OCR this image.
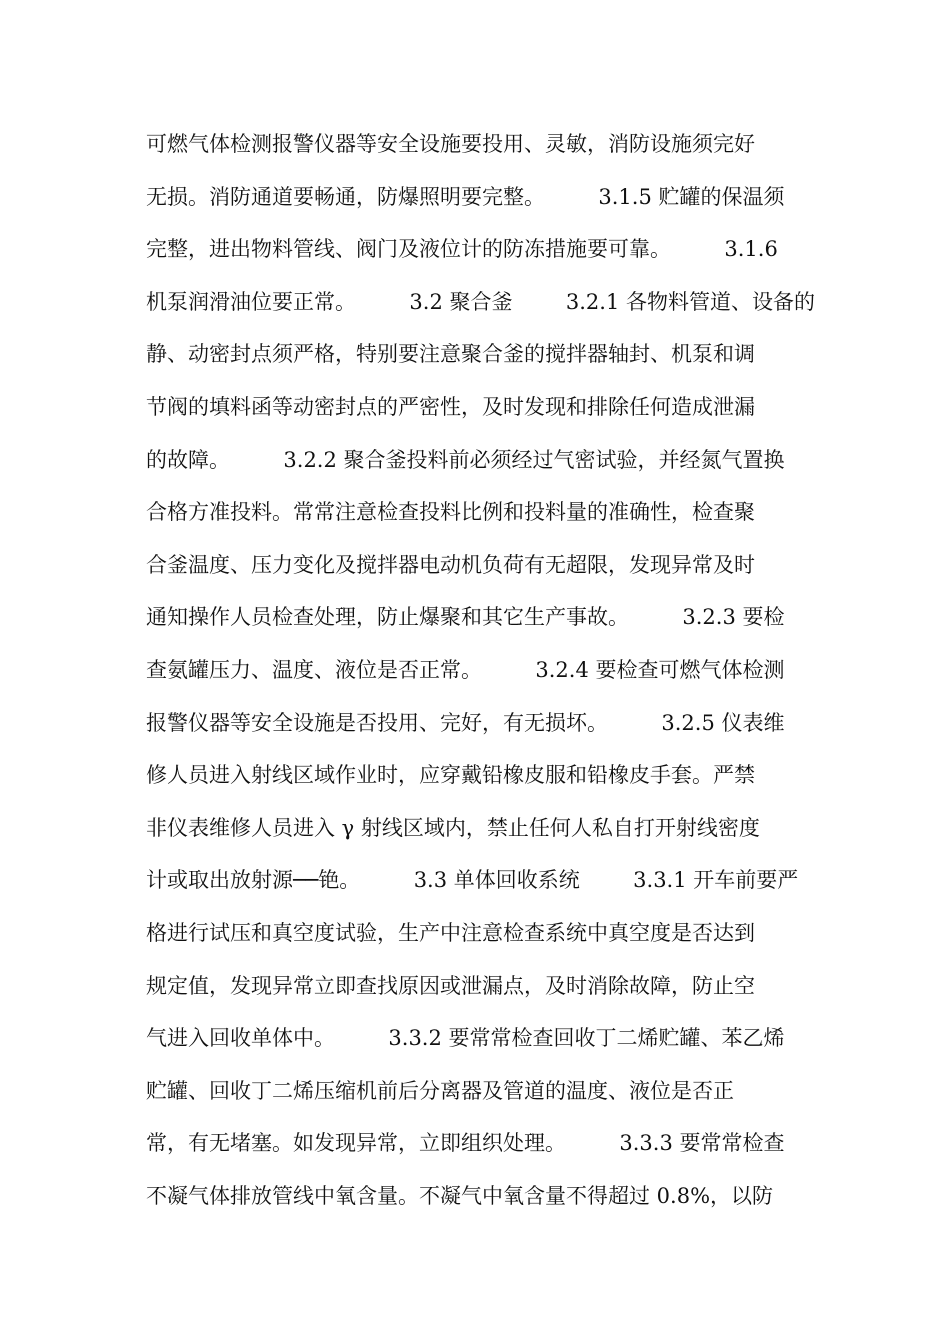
可燃气体检测报警仪器等安全设施要投用、灵敏，消防设施须完好
无损。消防通道要畅通，防爆照明要完整。        3.1.5 贮罐的保温须
完整，进出物料管线、阀门及液位计的防冻措施要可靠。        3.1.6
机泵润滑油位要正常。        3.2 聚合釜        3.2.1 各物料管道、设备的
静、动密封点须严格，特别要注意聚合釜的搅拌器轴封、机泵和调
节阀的填料函等动密封点的严密性，及时发现和排除任何造成泄漏
的故障。        3.2.2 聚合釜投料前必须经过气密试验，并经氮气置换
合格方准投料。常常注意检查投料比例和投料量的准确性，检查聚
合釜温度、压力变化及搅拌器电动机负荷有无超限，发现异常及时
通知操作人员检查处理，防止爆聚和其它生产事故。        3.2.3 要检
查氨罐压力、温度、液位是否正常。        3.2.4 要检查可燃气体检测
报警仪器等安全设施是否投用、完好，有无损坏。        3.2.5 仪表维
修人员进入射线区域作业时，应穿戴铅橡皮服和铅橡皮手套。严禁
非仪表维修人员进入 γ 射线区域内，禁止任何人私自打开射线密度
计或取出放射源──铯。        3.3 单体回收系统        3.3.1 开车前要严
格进行试压和真空度试验，生产中注意检查系统中真空度是否达到
规定值，发现异常立即查找原因或泄漏点，及时消除故障，防止空
气进入回收单体中。        3.3.2 要常常检查回收丁二烯贮罐、苯乙烯
贮罐、回收丁二烯压缩机前后分离器及管道的温度、液位是否正
常，有无堵塞。如发现异常，立即组织处理。        3.3.3 要常常检查
不凝气体排放管线中氧含量。不凝气中氧含量不得超过 0.8%，以防
